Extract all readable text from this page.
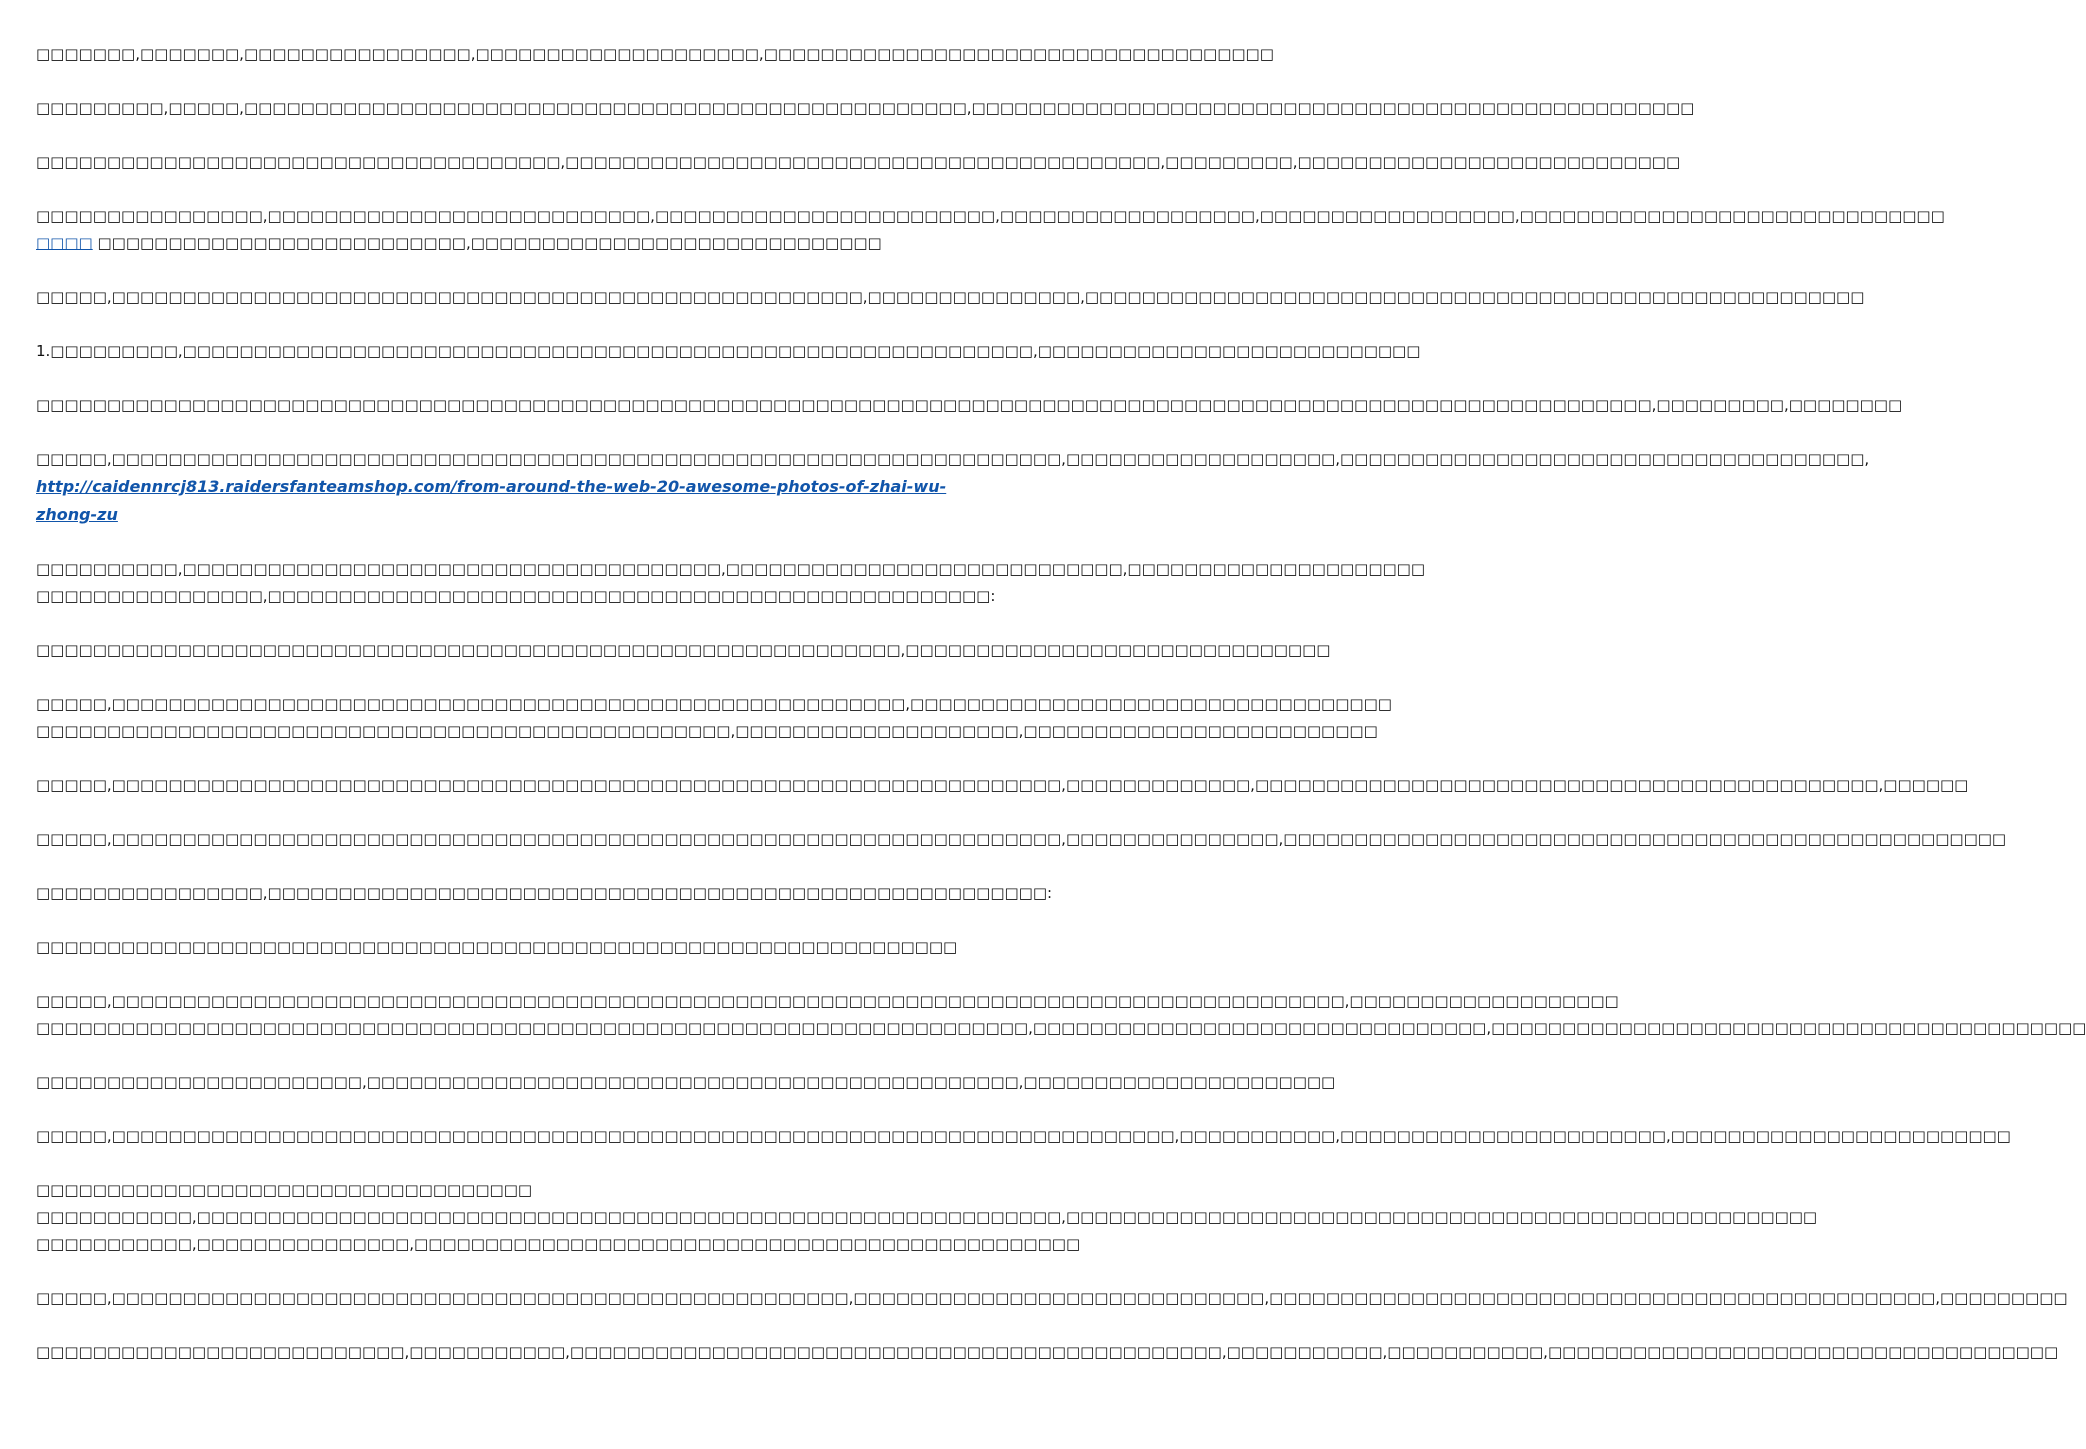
□□□□□□□,□□□□□□□,□□□□□□□□□□□□□□□□,□□□□□□□□□□□□□□□□□□□□,□□□□□□□□□□□□□□□□□□□□□□□□□□□□□□□□□□□□

□□□□□□□□□,□□□□□,□□□□□□□□□□□□□□□□□□□□□□□□□□□□□□□□□□□□□□□□□□□□□□□□□□□,□□□□□□□□□□□□□□□□□□□□□□□□□□□□□□□□□□□□□□□□□□□□□□□□□□□

□□□□□□□□□□□□□□□□□□□□□□□□□□□□□□□□□□□□□,□□□□□□□□□□□□□□□□□□□□□□□□□□□□□□□□□□□□□□□□□□,□□□□□□□□□,□□□□□□□□□□□□□□□□□□□□□□□□□□□

□□□□□□□□□□□□□□□□,□□□□□□□□□□□□□□□□□□□□□□□□□□□,□□□□□□□□□□□□□□□□□□□□□□□□,□□□□□□□□□□□□□□□□□□,□□□□□□□□□□□□□□□□□□,□□□□□□□□□□□□□□□□□□□□□□□□□□□□□□
□□□□ □□□□□□□□□□□□□□□□□□□□□□□□□□,□□□□□□□□□□□□□□□□□□□□□□□□□□□□□

□□□□□,□□□□□□□□□□□□□□□□□□□□□□□□□□□□□□□□□□□□□□□□□□□□□□□□□□□□□,□□□□□□□□□□□□□□□,□□□□□□□□□□□□□□□□□□□□□□□□□□□□□□□□□□□□□□□□□□□□□□□□□□□□□□□

1.□□□□□□□□□,□□□□□□□□□□□□□□□□□□□□□□□□□□□□□□□□□□□□□□□□□□□□□□□□□□□□□□□□□□□□,□□□□□□□□□□□□□□□□□□□□□□□□□□□

□□□□□□□□□□□□□□□□□□□□□□□□□□□□□□□□□□□□□□□□□□□□□□□□□□□□□□□□□□□□□□□□□□□□□□□□□□□□□□□□□□□□□□□□□□□□□□□□□□□□□□□□□□□□□□□□□□,□□□□□□□□□,□□□□□□□□

□□□□□,□□□□□□□□□□□□□□□□□□□□□□□□□□□□□□□□□□□□□□□□□□□□□□□□□□□□□□□□□□□□□□□□□□□,□□□□□□□□□□□□□□□□□□□,□□□□□□□□□□□□□□□□□□□□□□□□□□□□□□□□□□□□□,
http://caidennrcj813.raidersfanteamshop.com/from-around-the-web-20-awesome-photos-of-zhai-wu-zhong-zu

□□□□□□□□□□,□□□□□□□□□□□□□□□□□□□□□□□□□□□□□□□□□□□□□□,□□□□□□□□□□□□□□□□□□□□□□□□□□□□,□□□□□□□□□□□□□□□□□□□□□
□□□□□□□□□□□□□□□□,□□□□□□□□□□□□□□□□□□□□□□□□□□□□□□□□□□□□□□□□□□□□□□□□□□□:

□□□□□□□□□□□□□□□□□□□□□□□□□□□□□□□□□□□□□□□□□□□□□□□□□□□□□□□□□□□□□,□□□□□□□□□□□□□□□□□□□□□□□□□□□□□□

□□□□□,□□□□□□□□□□□□□□□□□□□□□□□□□□□□□□□□□□□□□□□□□□□□□□□□□□□□□□□□,□□□□□□□□□□□□□□□□□□□□□□□□□□□□□□□□□□
□□□□□□□□□□□□□□□□□□□□□□□□□□□□□□□□□□□□□□□□□□□□□□□□□,□□□□□□□□□□□□□□□□□□□□,□□□□□□□□□□□□□□□□□□□□□□□□□

□□□□□,□□□□□□□□□□□□□□□□□□□□□□□□□□□□□□□□□□□□□□□□□□□□□□□□□□□□□□□□□□□□□□□□□□□,□□□□□□□□□□□□□,□□□□□□□□□□□□□□□□□□□□□□□□□□□□□□□□□□□□□□□□□□□□,□□□□□□

□□□□□,□□□□□□□□□□□□□□□□□□□□□□□□□□□□□□□□□□□□□□□□□□□□□□□□□□□□□□□□□□□□□□□□□□□,□□□□□□□□□□□□□□□,□□□□□□□□□□□□□□□□□□□□□□□□□□□□□□□□□□□□□□□□□□□□□□□□□□□

□□□□□□□□□□□□□□□□,□□□□□□□□□□□□□□□□□□□□□□□□□□□□□□□□□□□□□□□□□□□□□□□□□□□□□□□:

□□□□□□□□□□□□□□□□□□□□□□□□□□□□□□□□□□□□□□□□□□□□□□□□□□□□□□□□□□□□□□□□□

□□□□□,□□□□□□□□□□□□□□□□□□□□□□□□□□□□□□□□□□□□□□□□□□□□□□□□□□□□□□□□□□□□□□□□□□□□□□□□□□□□□□□□□□□□□□□,□□□□□□□□□□□□□□□□□□□
□□□□□□□□□□□□□□□□□□□□□□□□□□□□□□□□□□□□□□□□□□□□□□□□□□□□□□□□□□□□□□□□□□□□□□,□□□□□□□□□□□□□□□□□□□□□□□□□□□□□□□□,□□□□□□□□□□□□□□□□□□□□□□□□□□□□□□□□□□□□□□□□□□

□□□□□□□□□□□□□□□□□□□□□□□,□□□□□□□□□□□□□□□□□□□□□□□□□□□□□□□□□□□□□□□□□□□□□□,□□□□□□□□□□□□□□□□□□□□□□

□□□□□,□□□□□□□□□□□□□□□□□□□□□□□□□□□□□□□□□□□□□□□□□□□□□□□□□□□□□□□□□□□□□□□□□□□□□□□□□□□,□□□□□□□□□□□,□□□□□□□□□□□□□□□□□□□□□□□,□□□□□□□□□□□□□□□□□□□□□□□□

□□□□□□□□□□□□□□□□□□□□□□□□□□□□□□□□□□□
□□□□□□□□□□□,□□□□□□□□□□□□□□□□□□□□□□□□□□□□□□□□□□□□□□□□□□□□□□□□□□□□□□□□□□□□□,□□□□□□□□□□□□□□□□□□□□□□□□□□□□□□□□□□□□□□□□□□□□□□□□□□□□□
□□□□□□□□□□□,□□□□□□□□□□□□□□□,□□□□□□□□□□□□□□□□□□□□□□□□□□□□□□□□□□□□□□□□□□□□□□□

□□□□□,□□□□□□□□□□□□□□□□□□□□□□□□□□□□□□□□□□□□□□□□□□□□□□□□□□□□,□□□□□□□□□□□□□□□□□□□□□□□□□□□□□,□□□□□□□□□□□□□□□□□□□□□□□□□□□□□□□□□□□□□□□□□□□□□□□,□□□□□□□□□

□□□□□□□□□□□□□□□□□□□□□□□□□□,□□□□□□□□□□□,□□□□□□□□□□□□□□□□□□□□□□□□□□□□□□□□□□□□□□□□□□□□□□,□□□□□□□□□□□,□□□□□□□□□□□,□□□□□□□□□□□□□□□□□□□□□□□□□□□□□□□□□□□□
